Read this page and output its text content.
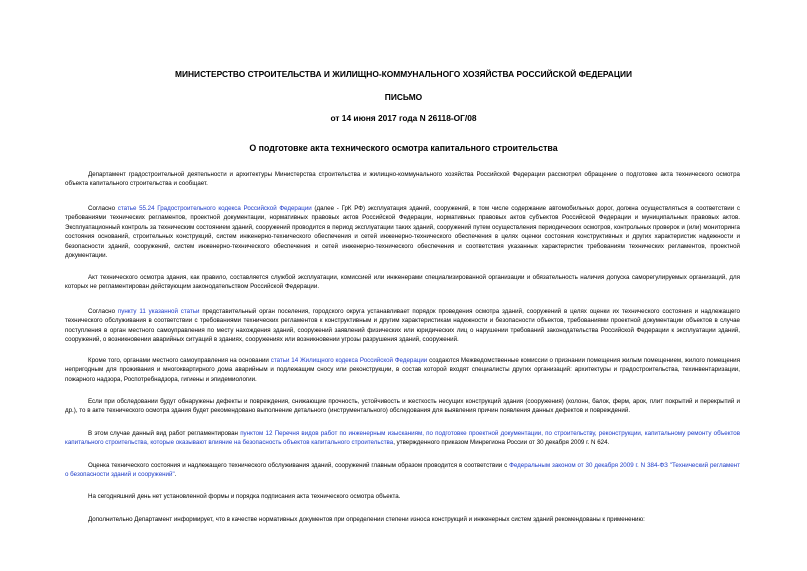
МИНИСТЕРСТВО СТРОИТЕЛЬСТВА И ЖИЛИЩНО-КОММУНАЛЬНОГО ХОЗЯЙСТВА РОССИЙСКОЙ ФЕДЕРАЦИИ
ПИСЬМО
от 14 июня 2017 года N 26118-ОГ/08
О подготовке акта технического осмотра капитального строительства

Департамент градостроительной деятельности и архитектуры Министерства строительства и жилищно-коммунального хозяйства Российской Федерации рассмотрел обращение о подготовке акта технического осмотра объекта капитального строительства и сообщает.

Согласно статье 55.24 Градостроительного кодекса Российской Федерации (далее - ГрК РФ) эксплуатация зданий, сооружений, в том числе содержание автомобильных дорог, должна осуществляться в соответствии с требованиями технических регламентов, проектной документации, нормативных правовых актов Российской Федерации, нормативных правовых актов субъектов Российской Федерации и муниципальных правовых актов. Эксплуатационный контроль за техническим состоянием зданий, сооружений проводится в период эксплуатации таких зданий, сооружений путем осуществления периодических осмотров, контрольных проверок и (или) мониторинга состояния оснований, строительных конструкций, систем инженерно-технического обеспечения и сетей инженерно-технического обеспечения в целях оценки состояния конструктивных и других характеристик надежности и безопасности зданий, сооружений, систем инженерно-технического обеспечения и сетей инженерно-технического обеспечения и соответствия указанных характеристик требованиям технических регламентов, проектной документации.

Акт технического осмотра здания, как правило, составляется службой эксплуатации, комиссией или инженерами специализированной организации и обязательность наличия допуска саморегулируемых организаций, для которых не регламентирован действующим законодательством Российской Федерации.

Согласно пункту 11 указанной статьи представительный орган поселения, городского округа устанавливает порядок проведения осмотра зданий, сооружений в целях оценки их технического состояния и надлежащего технического обслуживания в соответствии с требованиями технических регламентов к конструктивным и другим характеристикам надежности и безопасности объектов, требованиями проектной документации объектов в случае поступления в орган местного самоуправления по месту нахождения зданий, сооружений заявлений физических или юридических лиц о нарушении требований законодательства Российской Федерации к эксплуатации зданий, сооружений, о возникновении аварийных ситуаций в зданиях, сооружениях или возникновении угрозы разрушения зданий, сооружений.

Кроме того, органами местного самоуправления на основании статьи 14 Жилищного кодекса Российской Федерации создаются Межведомственные комиссии о признании помещения жилым помещением, жилого помещения непригодным для проживания и многоквартирного дома аварийным и подлежащим сносу или реконструкции, в состав которой входят специалисты других организаций: архитектуры и градостроительства, техинвентаризации, пожарного надзора, Роспотребнадзора, гигиены и эпидемиологии.

Если при обследовании будут обнаружены дефекты и повреждения, снижающие прочность, устойчивость и жесткость несущих конструкций здания (сооружения) (колонн, балок, ферм, арок, плит покрытий и перекрытий и др.), то в акте технического осмотра здания будет рекомендовано выполнение детального (инструментального) обследования для выявления причин появления данных дефектов и повреждений.

В этом случае данный вид работ регламентирован пунктом 12 Перечня видов работ по инженерным изысканиям, по подготовке проектной документации, по строительству, реконструкции, капитальному ремонту объектов капитального строительства, которые оказывают влияние на безопасность объектов капитального строительства, утвержденного приказом Минрегиона России от 30 декабря 2009 г. N 624.

Оценка технического состояния и надлежащего технического обслуживания зданий, сооружений главным образом проводится в соответствии с Федеральным законом от 30 декабря 2009 г. N 384-ФЗ "Технический регламент о безопасности зданий и сооружений".

На сегодняшний день нет установленной формы и порядка подписания акта технического осмотра объекта.

Дополнительно Департамент информирует, что в качестве нормативных документов при определении степени износа конструкций и инженерных систем зданий рекомендованы к применению:
